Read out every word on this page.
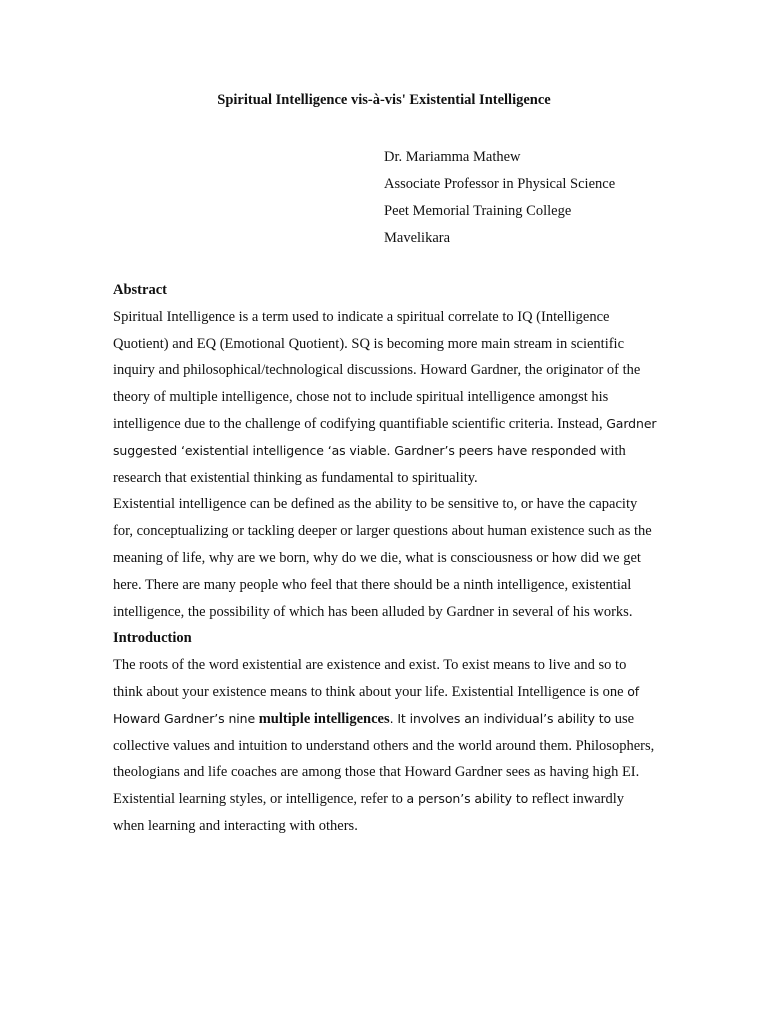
Spiritual Intelligence vis-à-vis' Existential Intelligence
Dr. Mariamma Mathew
Associate Professor in Physical Science
Peet Memorial Training College
Mavelikara

Abstract

Spiritual Intelligence is a term used to indicate a spiritual correlate to IQ (Intelligence Quotient) and EQ (Emotional Quotient). SQ is becoming more main stream in scientific inquiry and philosophical/technological discussions. Howard Gardner, the originator of the theory of multiple intelligence, chose not to include spiritual intelligence amongst his intelligence due to the challenge of codifying quantifiable scientific criteria. Instead, Gardner suggested ‘existential intelligence ‘as viable. Gardner’s peers have responded with research that existential thinking as fundamental to spirituality.

Existential intelligence can be defined as the ability to be sensitive to, or have the capacity for, conceptualizing or tackling deeper or larger questions about human existence such as the meaning of life, why are we born, why do we die, what is consciousness or how did we get here. There are many people who feel that there should be a ninth intelligence, existential intelligence, the possibility of which has been alluded by Gardner in several of his works.

Introduction

The roots of the word existential are existence and exist. To exist means to live and so to think about your existence means to think about your life. Existential Intelligence is one of Howard Gardner’s nine multiple intelligences. It involves an individual’s ability to use collective values and intuition to understand others and the world around them. Philosophers, theologians and life coaches are among those that Howard Gardner sees as having high EI. Existential learning styles, or intelligence, refer to a person’s ability to reflect inwardly when learning and interacting with others.
